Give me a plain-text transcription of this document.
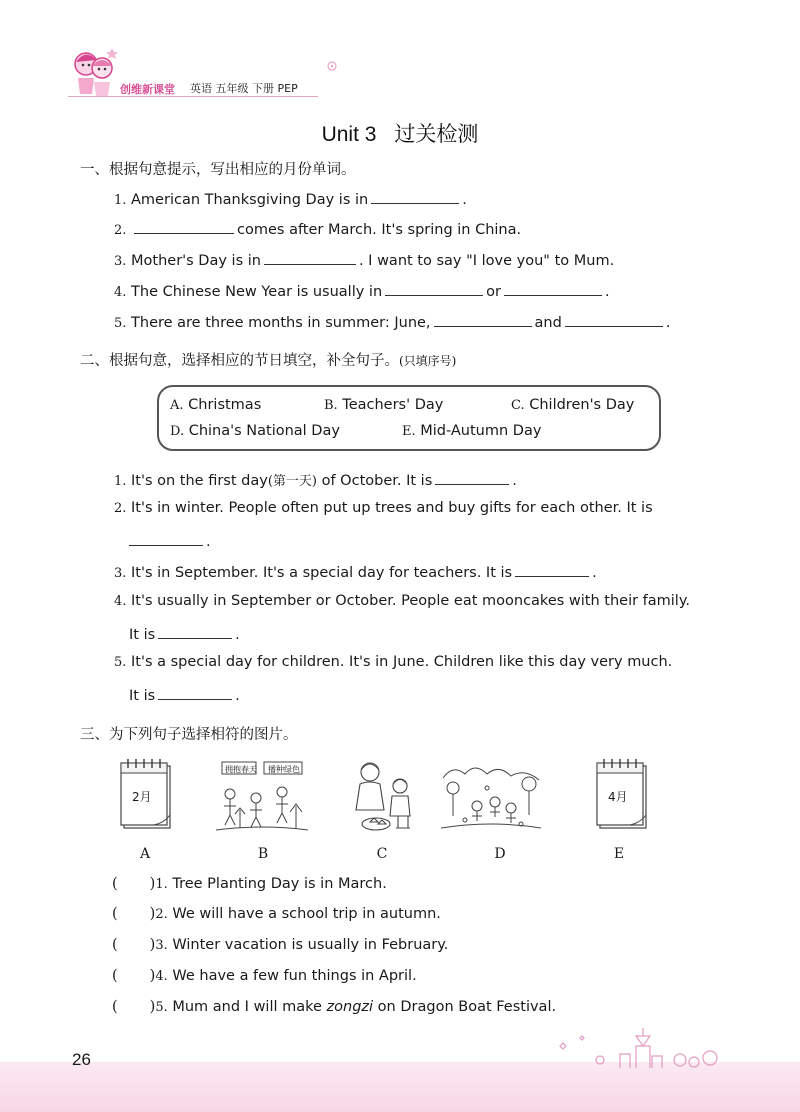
创维新课堂 英语 五年级 下册 PEP
Unit 3 过关检测
一、根据句意提示，写出相应的月份单词。
1. American Thanksgiving Day is in	.
2.	comes after March. It's spring in China.
3. Mother's Day is in	. I want to say "I love you" to Mum.
4. The Chinese New Year is usually in	or	.
5. There are three months in summer: June,	and	.
二、根据句意，选择相应的节日填空，补全句子。(只填序号)
A. Christmas	B. Teachers' Day	C. Children's Day
D. China's National Day	E. Mid-Autumn Day
1. It's on the first day(第一天) of October. It is	.
2. It's in winter. People often put up trees and buy gifts for each other. It is
.
3. It's in September. It's a special day for teachers. It is	.
4. It's usually in September or October. People eat mooncakes with their family.
It is	.
5. It's a special day for children. It's in June. Children like this day very much.
It is	.
三、为下列句子选择相符的图片。
2月
拥抱春天 播种绿色
4月
A	B	C	D	E
( )1. Tree Planting Day is in March.
( )2. We will have a school trip in autumn.
( )3. Winter vacation is usually in February.
( )4. We have a few fun things in April.
( )5. Mum and I will make zongzi on Dragon Boat Festival.
26
